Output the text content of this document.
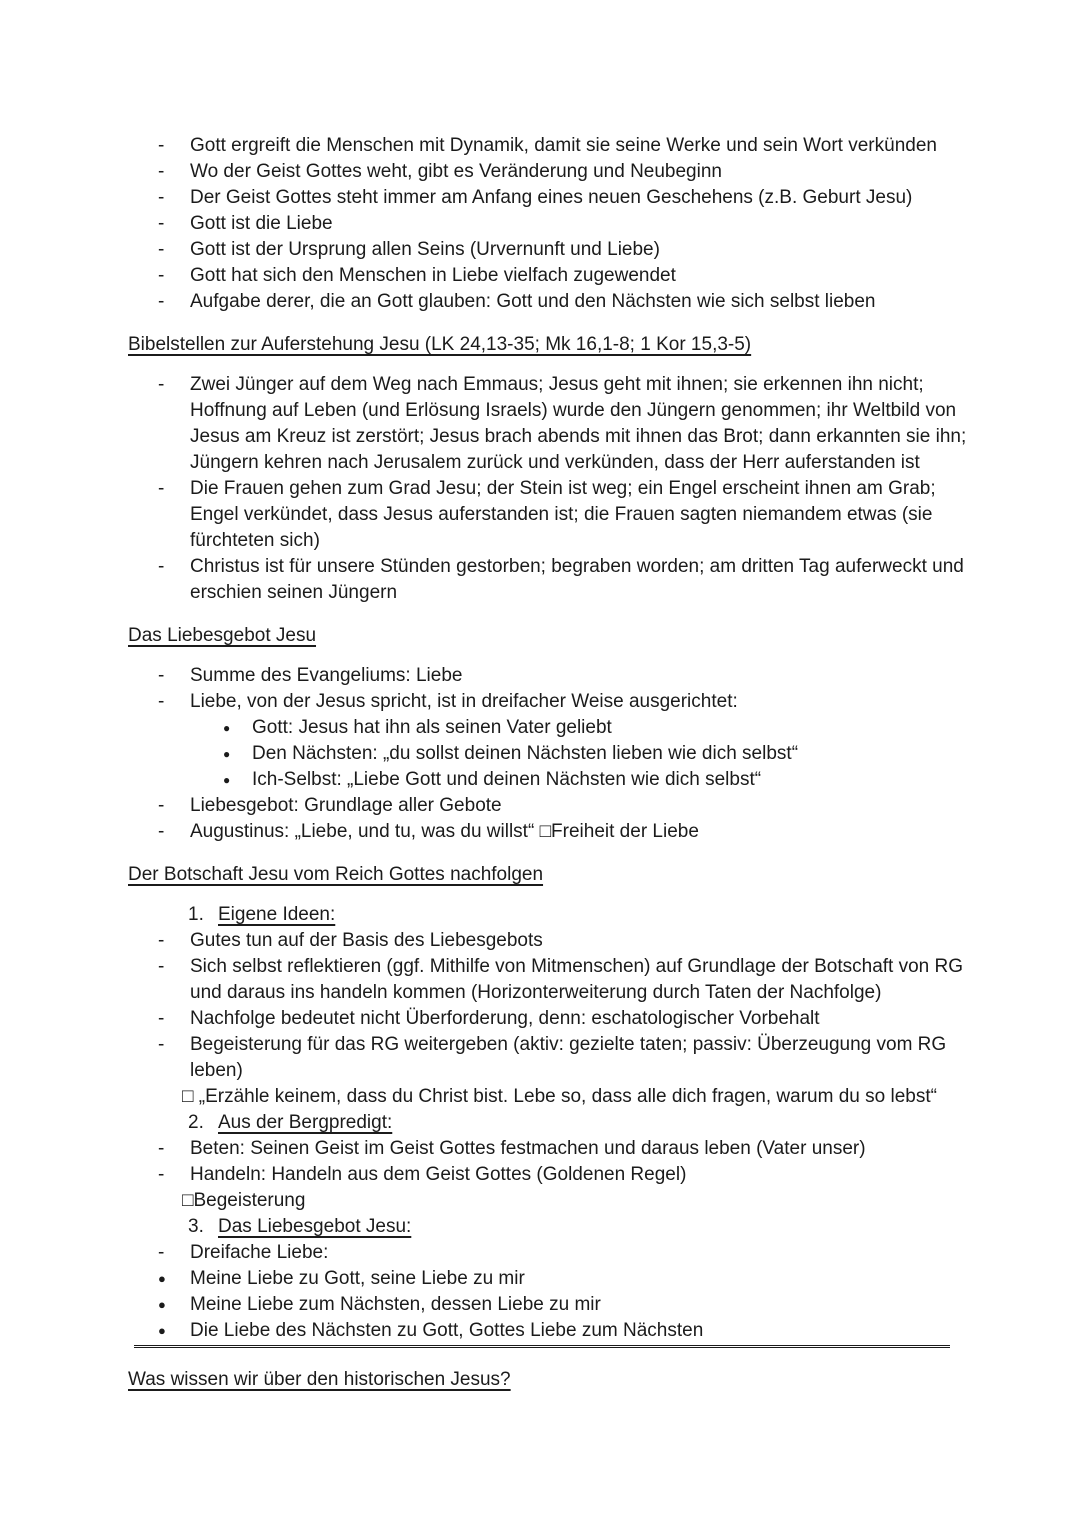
-	Gott ergreift die Menschen mit Dynamik, damit sie seine Werke und sein Wort verkünden
-	Wo der Geist Gottes weht, gibt es Veränderung und Neubeginn
-	Der Geist Gottes steht immer am Anfang eines neuen Geschehens (z.B. Geburt Jesu)
-	Gott ist die Liebe
-	Gott ist der Ursprung allen Seins (Urvernunft und Liebe)
-	Gott hat sich den Menschen in Liebe vielfach zugewendet
-	Aufgabe derer, die an Gott glauben: Gott und den Nächsten wie sich selbst lieben
Bibelstellen zur Auferstehung Jesu (LK 24,13-35; Mk 16,1-8; 1 Kor 15,3-5)
-	Zwei Jünger auf dem Weg nach Emmaus; Jesus geht mit ihnen; sie erkennen ihn nicht; Hoffnung auf Leben (und Erlösung Israels) wurde den Jüngern genommen; ihr Weltbild von Jesus am Kreuz ist zerstört; Jesus brach abends mit ihnen das Brot; dann erkannten sie ihn; Jüngern kehren nach Jerusalem zurück und verkünden, dass der Herr auferstanden ist
-	Die Frauen gehen zum Grad Jesu; der Stein ist weg; ein Engel erscheint ihnen am Grab; Engel verkündet, dass Jesus auferstanden ist; die Frauen sagten niemandem etwas (sie fürchteten sich)
-	Christus ist für unsere Stünden gestorben; begraben worden; am dritten Tag auferweckt und erschien seinen Jüngern
Das Liebesgebot Jesu
-	Summe des Evangeliums: Liebe
-	Liebe, von der Jesus spricht, ist in dreifacher Weise ausgerichtet:
●	Gott: Jesus hat ihn als seinen Vater geliebt
●	Den Nächsten: „du sollst deinen Nächsten lieben wie dich selbst“
●	Ich-Selbst: „Liebe Gott und deinen Nächsten wie dich selbst“
-	Liebesgebot: Grundlage aller Gebote
-	Augustinus: „Liebe, und tu, was du willst“ □Freiheit der Liebe
Der Botschaft Jesu vom Reich Gottes nachfolgen
1. Eigene Ideen:
-	Gutes tun auf der Basis des Liebesgebots
-	Sich selbst reflektieren (ggf. Mithilfe von Mitmenschen) auf Grundlage der Botschaft von RG und daraus ins handeln kommen (Horizonterweiterung durch Taten der Nachfolge)
-	Nachfolge bedeutet nicht Überforderung, denn: eschatologischer Vorbehalt
-	Begeisterung für das RG weitergeben (aktiv: gezielte taten; passiv: Überzeugung vom RG leben)
□ „Erzähle keinem, dass du Christ bist. Lebe so, dass alle dich fragen, warum du so lebst“
2. Aus der Bergpredigt:
-	Beten: Seinen Geist im Geist Gottes festmachen und daraus leben (Vater unser)
-	Handeln: Handeln aus dem Geist Gottes (Goldenen Regel)
□Begeisterung
3. Das Liebesgebot Jesu:
-	Dreifache Liebe:
●	Meine Liebe zu Gott, seine Liebe zu mir
●	Meine Liebe zum Nächsten, dessen Liebe zu mir
●	Die Liebe des Nächsten zu Gott, Gottes Liebe zum Nächsten
Was wissen wir über den historischen Jesus?
